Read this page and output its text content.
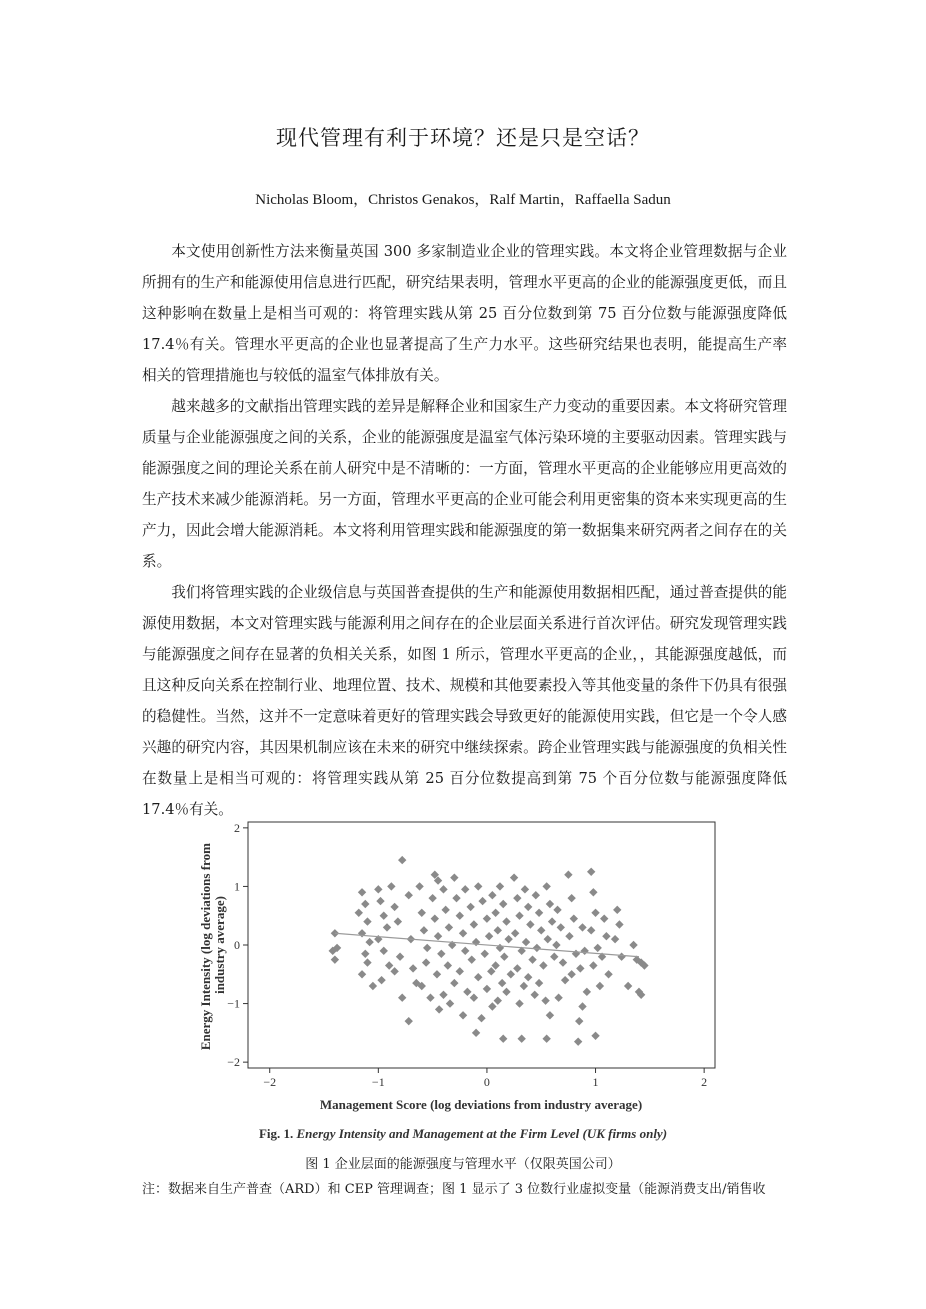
现代管理有利于环境？还是只是空话？
Nicholas Bloom，Christos Genakos，Ralf Martin，Raffaella Sadun

本文使用创新性方法来衡量英国 300 多家制造业企业的管理实践。本文将企业管理数据与企业所拥有的生产和能源使用信息进行匹配，研究结果表明，管理水平更高的企业的能源强度更低，而且这种影响在数量上是相当可观的：将管理实践从第 25 百分位数到第 75 百分位数与能源强度降低 17.4％有关。管理水平更高的企业也显著提高了生产力水平。这些研究结果也表明，能提高生产率相关的管理措施也与较低的温室气体排放有关。

越来越多的文献指出管理实践的差异是解释企业和国家生产力变动的重要因素。本文将研究管理质量与企业能源强度之间的关系，企业的能源强度是温室气体污染环境的主要驱动因素。管理实践与能源强度之间的理论关系在前人研究中是不清晰的：一方面，管理水平更高的企业能够应用更高效的生产技术来减少能源消耗。另一方面，管理水平更高的企业可能会利用更密集的资本来实现更高的生产力，因此会增大能源消耗。本文将利用管理实践和能源强度的第一数据集来研究两者之间存在的关系。

我们将管理实践的企业级信息与英国普查提供的生产和能源使用数据相匹配，通过普查提供的能源使用数据，本文对管理实践与能源利用之间存在的企业层面关系进行首次评估。研究发现管理实践与能源强度之间存在显著的负相关关系，如图 1 所示，管理水平更高的企业，，其能源强度越低，而且这种反向关系在控制行业、地理位置、技术、规模和其他要素投入等其他变量的条件下仍具有很强的稳健性。当然，这并不一定意味着更好的管理实践会导致更好的能源使用实践，但它是一个令人感兴趣的研究内容，其因果机制应该在未来的研究中继续探索。跨企业管理实践与能源强度的负相关性在数量上是相当可观的：将管理实践从第 25 百分位数提高到第 75 个百分位数与能源强度降低 17.4％有关。

−2	−1	0	1	2
−2
−1
0
1
2
Management Score (log deviations from industry average)
Energy Intensity (log deviations from industry average)
Fig. 1. Energy Intensity and Management at the Firm Level (UK firms only)
图 1 企业层面的能源强度与管理水平（仅限英国公司）
注：数据来自生产普查（ARD）和 CEP 管理调查；图 1 显示了 3 位数行业虚拟变量（能源消费支出/销售收
